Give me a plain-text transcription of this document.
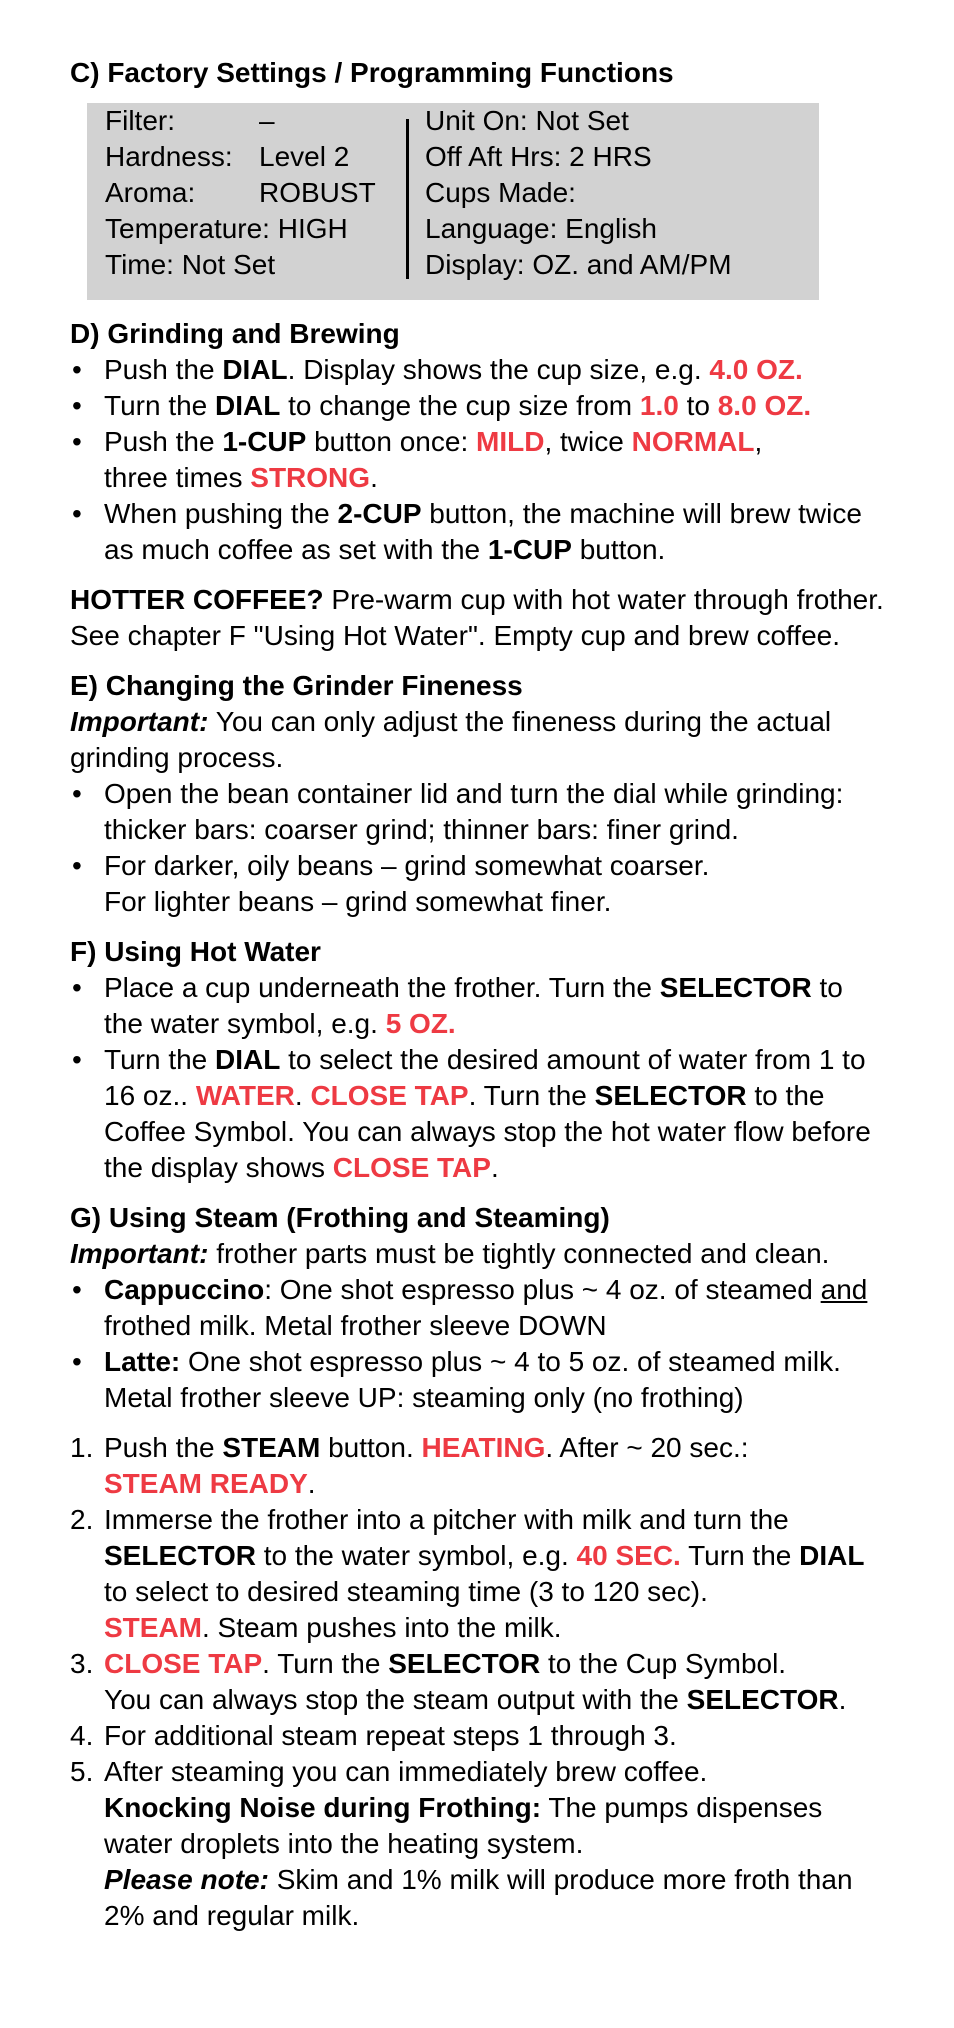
C) Factory Settings / Programming Functions

Filter:	–
Hardness: Level 2
Aroma: ROBUST
Temperature: HIGH
Time: Not Set
Unit On: Not Set
Off Aft Hrs: 2 HRS
Cups Made:
Language: English
Display: OZ. and AM/PM

D) Grinding and Brewing

• Push the DIAL. Display shows the cup size, e.g. 4.0 OZ.
• Turn the DIAL to change the cup size from 1.0 to 8.0 OZ.
• Push the 1-CUP button once: MILD, twice NORMAL,
three times STRONG.
• When pushing the 2-CUP button, the machine will brew twice as much coffee as set with the 1-CUP button.

HOTTER COFFEE? Pre-warm cup with hot water through frother. See chapter F "Using Hot Water". Empty cup and brew coffee.

E) Changing the Grinder Fineness

Important: You can only adjust the fineness during the actual grinding process.

• Open the bean container lid and turn the dial while grinding:
thicker bars: coarser grind; thinner bars: finer grind.
• For darker, oily beans – grind somewhat coarser.
For lighter beans – grind somewhat finer.

F) Using Hot Water

• Place a cup underneath the frother. Turn the SELECTOR to the water symbol, e.g. 5 OZ.
• Turn the DIAL to select the desired amount of water from 1 to 16 oz.. WATER. CLOSE TAP. Turn the SELECTOR to the Coffee Symbol. You can always stop the hot water flow before the display shows CLOSE TAP.

G) Using Steam (Frothing and Steaming)

Important: frother parts must be tightly connected and clean.

• Cappuccino: One shot espresso plus ~ 4 oz. of steamed and frothed milk. Metal frother sleeve DOWN
• Latte: One shot espresso plus ~ 4 to 5 oz. of steamed milk. Metal frother sleeve UP: steaming only (no frothing)
1. Push the STEAM button. HEATING. After ~ 20 sec.:
STEAM READY.
2. Immerse the frother into a pitcher with milk and turn the SELECTOR to the water symbol, e.g. 40 SEC. Turn the DIAL to select to desired steaming time (3 to 120 sec).
STEAM. Steam pushes into the milk.
3. CLOSE TAP. Turn the SELECTOR to the Cup Symbol.
You can always stop the steam output with the SELECTOR.
4. For additional steam repeat steps 1 through 3.
5. After steaming you can immediately brew coffee.
Knocking Noise during Frothing: The pumps dispenses water droplets into the heating system.
Please note: Skim and 1% milk will produce more froth than 2% and regular milk.
